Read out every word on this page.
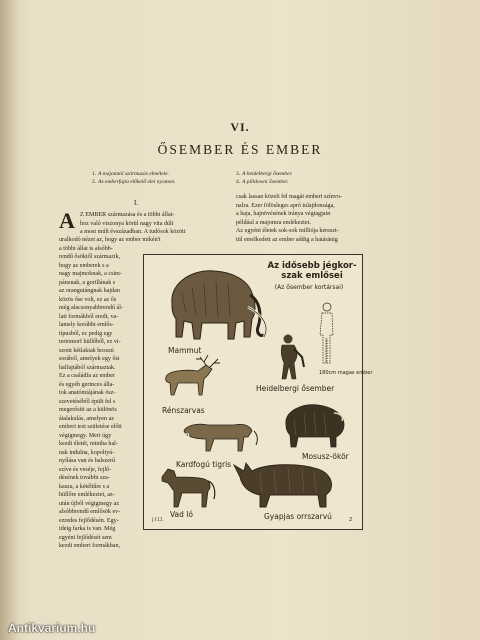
VI.
ŐSEMBER ÉS EMBER
1. A majomtól származás elmélete.
2. Az emberfajta előkelő elei nyomon.
3. A heidelbergi ősember.
4. A pilldowni ősember.
I.
A Z EMBER származása és a többi állat-
hoz való viszonya körül nagy vita dúlt
a most múlt évszázadban. A tudósok között
uralkodó nézet az, hogy az ember mikén't
a többi állat is alsóbb-
rendű ősöktől származik,
hogy az emberek s a
nagy majmoknak, a csim-
pánznak, a gorillának s
az orangutángnak hajdan
közös őse volt, ez az ős
még alacsonyabbrendű ál-
lati formákból eredt, va-
lamely korábbi emlős-
típusból, ez pedig egy
teriomorf hüllőből, ez vi-
szont kétlakiak hosszú
sorából, amelyek egy ősi
halfajtából származtak.
Ez a családfa az ember
és egyéb gerinces álla-
tok anatómiájának ösz-
szevetéséből épült fel s
megerősíti az a különös
átalakulás, amelyen az
emberi test születése előtt
végigmegy. Mert úgy
kezdi életét, mintha hal-
nak indulna, kopoltyú-
nyílása van és halszerű
szíve és veséje, fejlő-
désének további sza-
kasza, a kétéltűre s a
hüllőre emlékeztet, az-
után újból végigmegy az
alsóbbrendű emlősök ev-
ezredes fejlődésén. Egy-
ideig farka is van. Még
egyéni fejlődését sem
kezdi emberi formákban,
csak lassan közeli fel magát emberi színvo-
nalra. Ezer fölösleges apró tulajdonsága,
a haja, hajnövésének iránya végtagjain
például a majomra emlékeztet.
Az egyéni életek sok-sok milliója kereszt-
tül emelkedett az ember addig a határánig
Az idősebb jégkor- szak emlősei
(Az ősember kortársai)
Mammut
180cm magas ember
Heidelbergi ősember
Rénszarvas
Mosusz-ökör
Kardfogú tigris
Vad ló	Gyapjas orrszarvú
J.F.11.	2
Antikvarium.hu
